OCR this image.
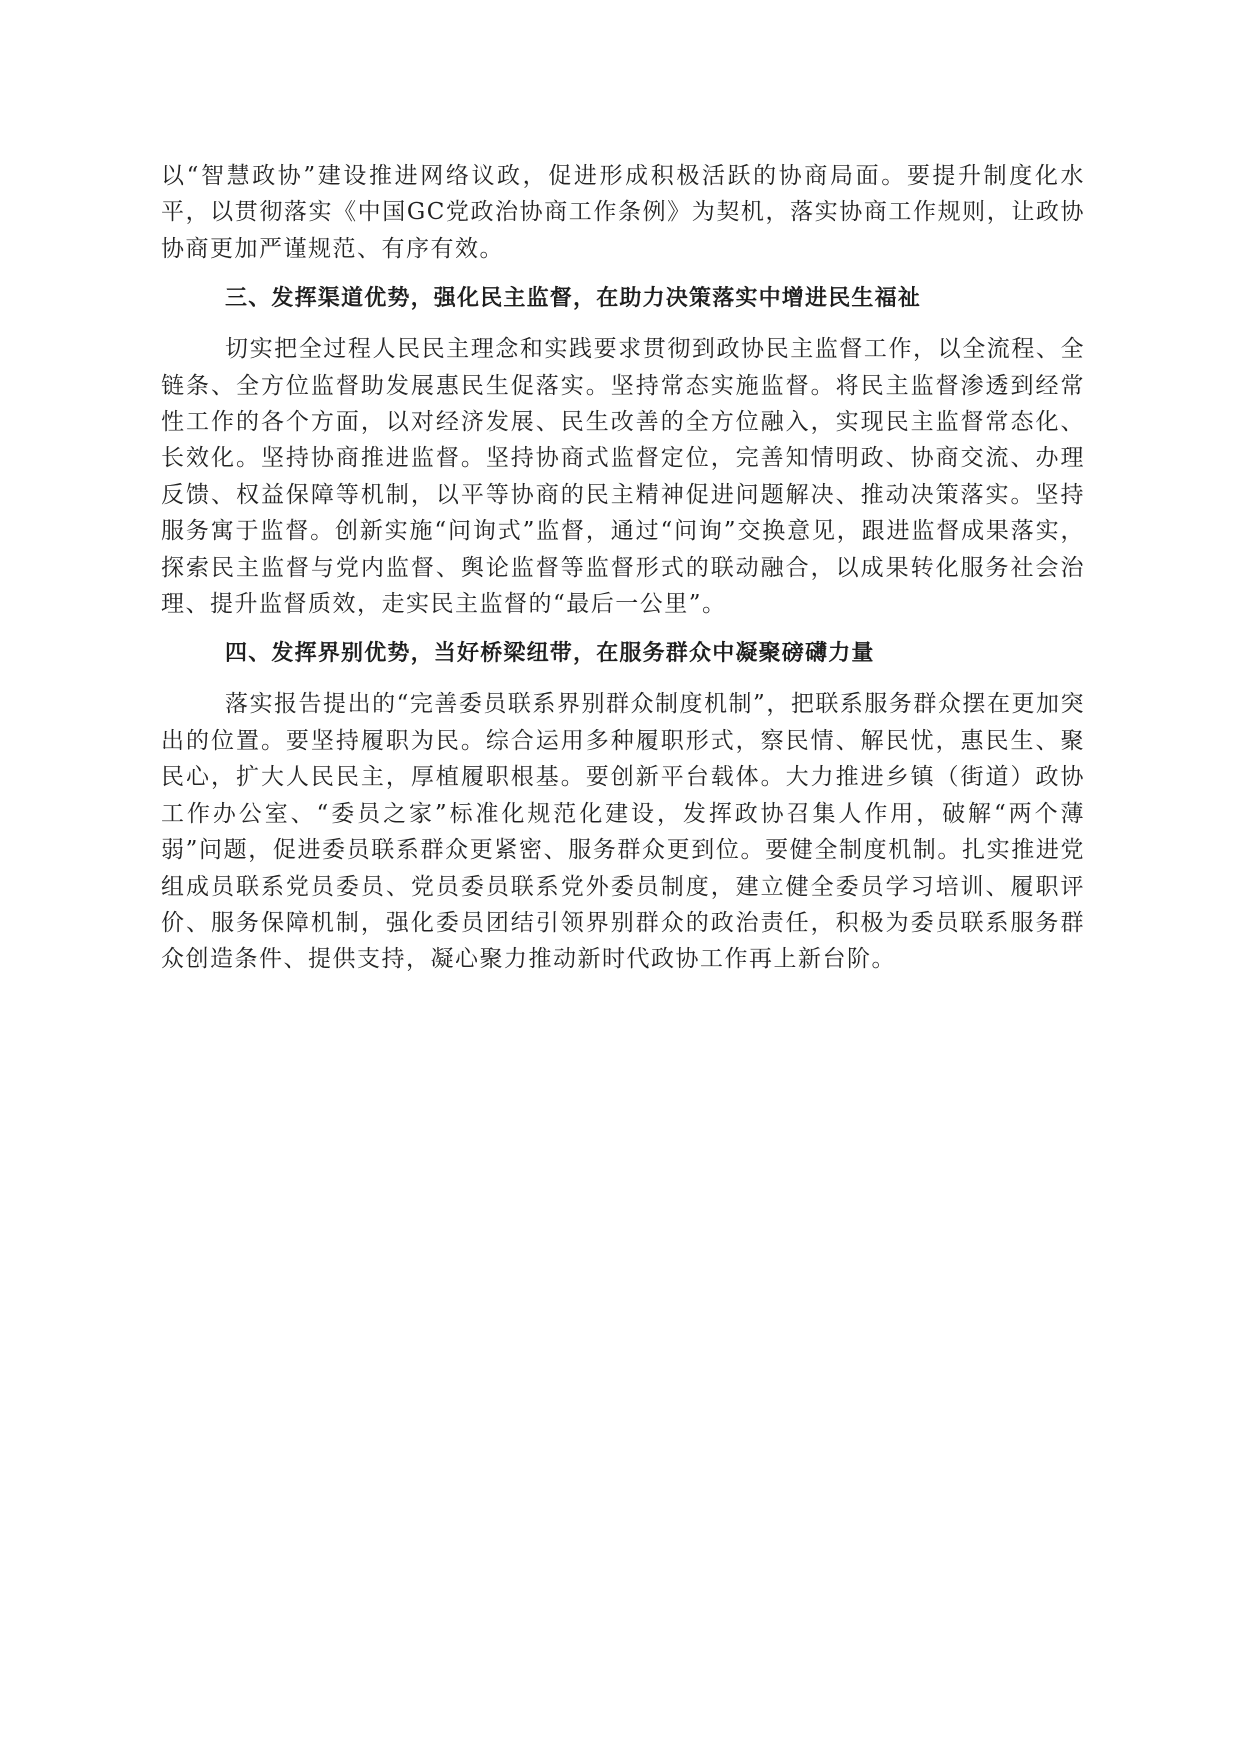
以“智慧政协”建设推进网络议政，促进形成积极活跃的协商局面。要提升制度化水平，以贯彻落实《中国GC党政治协商工作条例》为契机，落实协商工作规则，让政协协商更加严谨规范、有序有效。

三、发挥渠道优势，强化民主监督，在助力决策落实中增进民生福祉

切实把全过程人民民主理念和实践要求贯彻到政协民主监督工作，以全流程、全链条、全方位监督助发展惠民生促落实。坚持常态实施监督。将民主监督渗透到经常性工作的各个方面，以对经济发展、民生改善的全方位融入，实现民主监督常态化、长效化。坚持协商推进监督。坚持协商式监督定位，完善知情明政、协商交流、办理反馈、权益保障等机制，以平等协商的民主精神促进问题解决、推动决策落实。坚持服务寓于监督。创新实施“问询式”监督，通过“问询”交换意见，跟进监督成果落实，探索民主监督与党内监督、舆论监督等监督形式的联动融合，以成果转化服务社会治理、提升监督质效，走实民主监督的“最后一公里”。

四、发挥界别优势，当好桥梁纽带，在服务群众中凝聚磅礴力量

落实报告提出的“完善委员联系界别群众制度机制”，把联系服务群众摆在更加突出的位置。要坚持履职为民。综合运用多种履职形式，察民情、解民忧，惠民生、聚民心，扩大人民民主，厚植履职根基。要创新平台载体。大力推进乡镇（街道）政协工作办公室、“委员之家”标准化规范化建设，发挥政协召集人作用，破解“两个薄弱”问题，促进委员联系群众更紧密、服务群众更到位。要健全制度机制。扎实推进党组成员联系党员委员、党员委员联系党外委员制度，建立健全委员学习培训、履职评价、服务保障机制，强化委员团结引领界别群众的政治责任，积极为委员联系服务群众创造条件、提供支持，凝心聚力推动新时代政协工作再上新台阶。
